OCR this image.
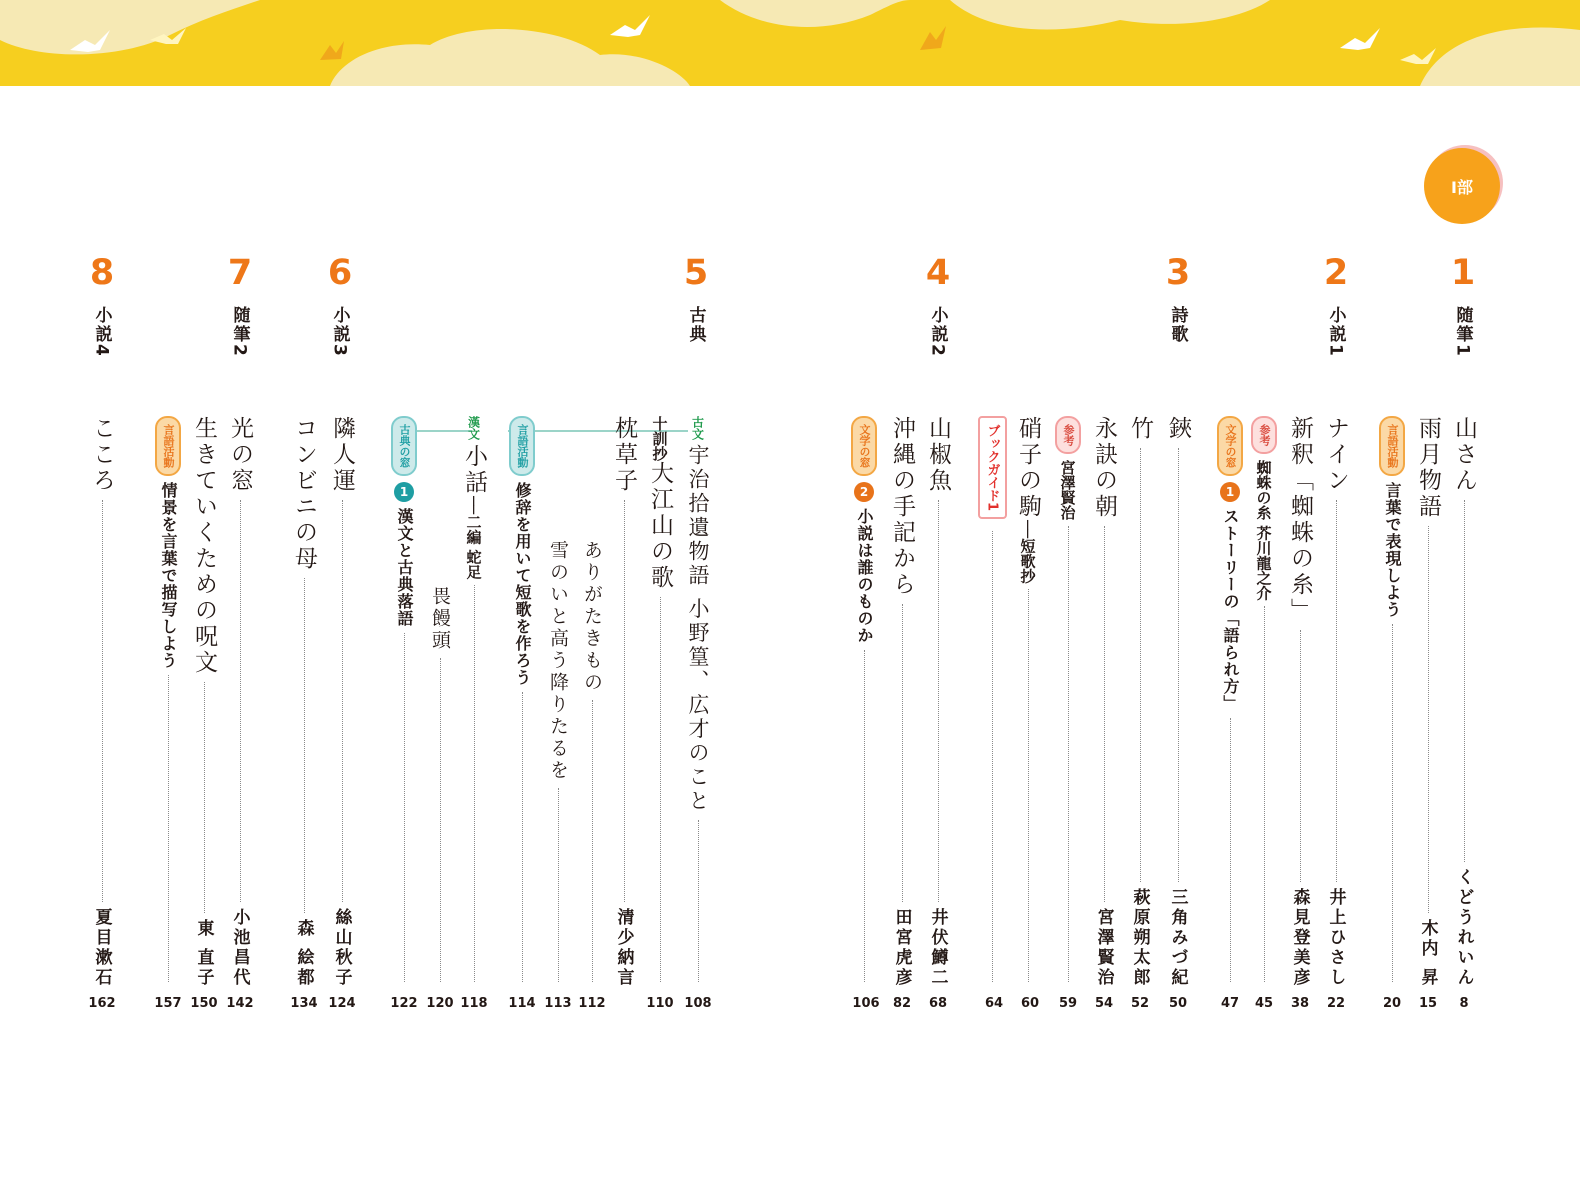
Ⅰ部
1
随筆1
2
小説1
3
詩歌
4
小説2
5
古典
6
小説3
7
随筆2
8
小説4
山さん
くどうれいん
8
雨月物語
木内 昇
15
言語活動
言葉で表現しよう
20
ナイン
井上ひさし
22
新釈「蜘蛛の糸」
森見登美彦
38
参考
蜘蛛の糸 芥川龍之介
45
文学の窓
1
ストーリーの「語られ方」
47
鋏
三角みづ紀
50
竹
萩原朔太郎
52
永訣の朝
宮澤賢治
54
参考
宮澤賢治
59
硝子の駒
──短歌抄
60
ブックガイド1
64
山椒魚
井伏鱒二
68
沖縄の手記から
田宮虎彦
82
文学の窓
2
小説は誰のものか
106
古文
宇治拾遺物語 小野篁、広才のこと
108
十訓抄
大江山の歌
110
枕草子
清少納言
ありがたきもの
112
雪のいと高う降りたるを
113
言語活動
修辞を用いて短歌を作ろう
114
漢文
小話
──二編 蛇足
118
畏饅頭
120
古典の窓
1
漢文と古典落語
122
隣人運
絲山秋子
124
コンビニの母
森 絵都
134
光の窓
小池昌代
142
生きていくための呪文
東 直子
150
言語活動
情景を言葉で描写しよう
157
こころ
夏目漱石
162
